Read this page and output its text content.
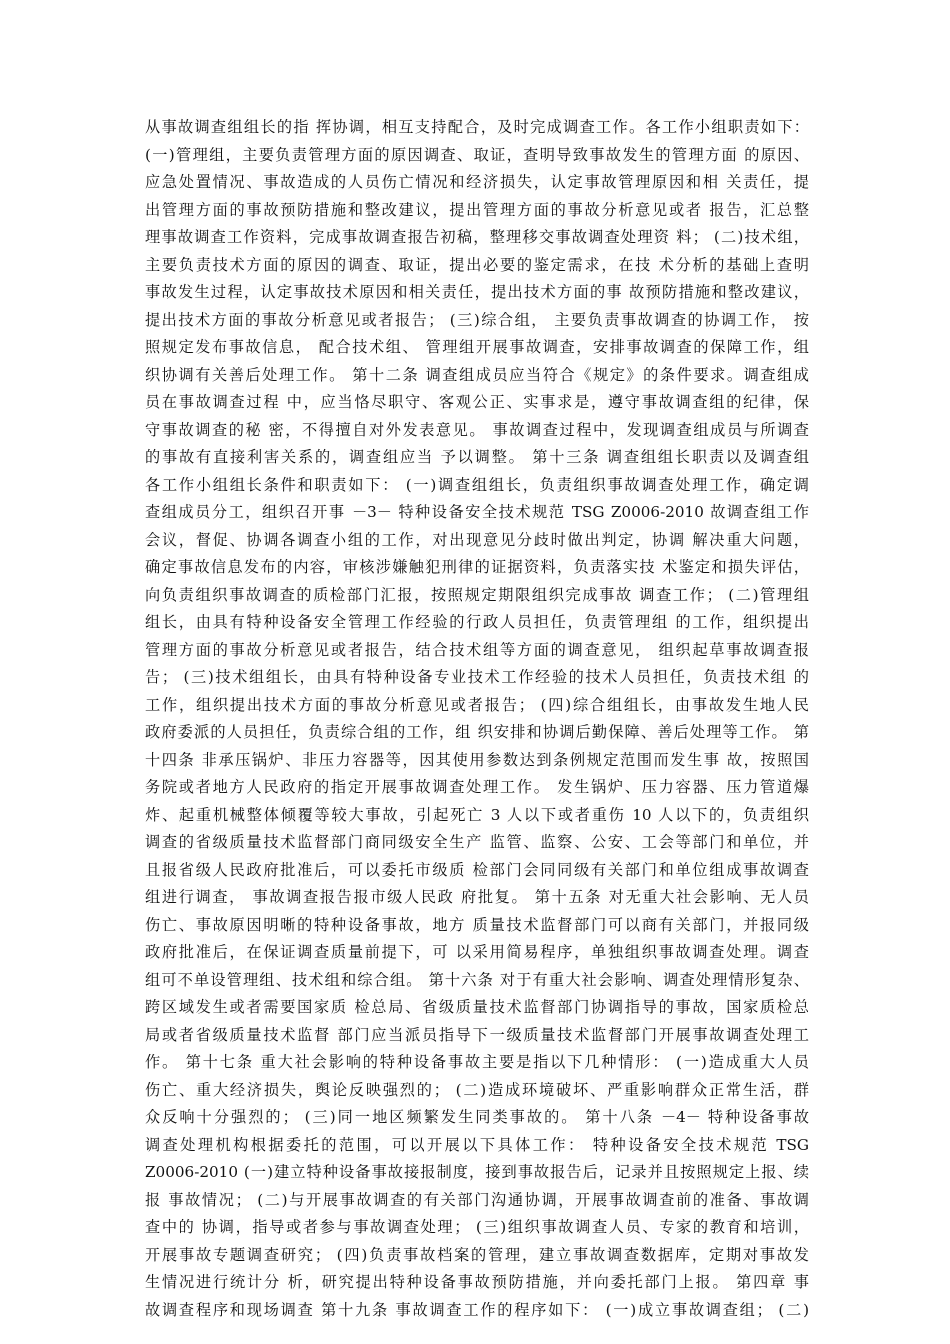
从事故调查组组长的指 挥协调，相互支持配合，及时完成调查工作。各工作小组职责如下：
(一)管理组，主要负责管理方面的原因调查、取证，查明导致事故发生的管理方面 的原因、
应急处置情况、事故造成的人员伤亡情况和经济损失，认定事故管理原因和相 关责任，提
出管理方面的事故预防措施和整改建议，提出管理方面的事故分析意见或者 报告，汇总整
理事故调查工作资料，完成事故调查报告初稿，整理移交事故调查处理资 料； (二)技术组，
主要负责技术方面的原因的调查、取证，提出必要的鉴定需求，在技 术分析的基础上查明
事故发生过程，认定事故技术原因和相关责任，提出技术方面的事 故预防措施和整改建议，
提出技术方面的事故分析意见或者报告； (三)综合组， 主要负责事故调查的协调工作， 按
照规定发布事故信息， 配合技术组、 管理组开展事故调查，安排事故调查的保障工作，组
织协调有关善后处理工作。 第十二条 调查组成员应当符合《规定》的条件要求。调查组成
员在事故调查过程 中，应当恪尽职守、客观公正、实事求是，遵守事故调查组的纪律，保
守事故调查的秘 密，不得擅自对外发表意见。 事故调查过程中，发现调查组成员与所调查
的事故有直接利害关系的，调查组应当 予以调整。 第十三条 调查组组长职责以及调查组
各工作小组组长条件和职责如下： (一)调查组组长，负责组织事故调查处理工作，确定调
查组成员分工，组织召开事 －3－ 特种设备安全技术规范 TSG Z0006-2010 故调查组工作
会议，督促、协调各调查小组的工作，对出现意见分歧时做出判定，协调 解决重大问题，
确定事故信息发布的内容，审核涉嫌触犯刑律的证据资料，负责落实技 术鉴定和损失评估，
向负责组织事故调查的质检部门汇报，按照规定期限组织完成事故 调查工作； (二)管理组
组长，由具有特种设备安全管理工作经验的行政人员担任，负责管理组 的工作，组织提出
管理方面的事故分析意见或者报告，结合技术组等方面的调查意见， 组织起草事故调查报
告； (三)技术组组长，由具有特种设备专业技术工作经验的技术人员担任，负责技术组 的
工作，组织提出技术方面的事故分析意见或者报告； (四)综合组组长，由事故发生地人民
政府委派的人员担任，负责综合组的工作，组 织安排和协调后勤保障、善后处理等工作。 第
十四条 非承压锅炉、非压力容器等，因其使用参数达到条例规定范围而发生事 故，按照国
务院或者地方人民政府的指定开展事故调查处理工作。 发生锅炉、压力容器、压力管道爆
炸、起重机械整体倾覆等较大事故，引起死亡 3 人以下或者重伤 10 人以下的，负责组织
调查的省级质量技术监督部门商同级安全生产 监管、监察、公安、工会等部门和单位，并
且报省级人民政府批准后，可以委托市级质 检部门会同同级有关部门和单位组成事故调查
组进行调查， 事故调查报告报市级人民政 府批复。 第十五条 对无重大社会影响、无人员
伤亡、事故原因明晰的特种设备事故，地方 质量技术监督部门可以商有关部门，并报同级
政府批准后，在保证调查质量前提下，可 以采用简易程序，单独组织事故调查处理。调查
组可不单设管理组、技术组和综合组。 第十六条 对于有重大社会影响、调查处理情形复杂、
跨区域发生或者需要国家质 检总局、省级质量技术监督部门协调指导的事故，国家质检总
局或者省级质量技术监督 部门应当派员指导下一级质量技术监督部门开展事故调查处理工
作。 第十七条 重大社会影响的特种设备事故主要是指以下几种情形： (一)造成重大人员
伤亡、重大经济损失，舆论反映强烈的； (二)造成环境破坏、严重影响群众正常生活，群
众反响十分强烈的； (三)同一地区频繁发生同类事故的。 第十八条 －4－ 特种设备事故
调查处理机构根据委托的范围，可以开展以下具体工作： 特种设备安全技术规范 TSG
Z0006-2010 (一)建立特种设备事故接报制度，接到事故报告后，记录并且按照规定上报、续
报 事故情况； (二)与开展事故调查的有关部门沟通协调，开展事故调查前的准备、事故调
查中的 协调，指导或者参与事故调查处理； (三)组织事故调查人员、专家的教育和培训，
开展事故专题调查研究； (四)负责事故档案的管理，建立事故调查数据库，定期对事故发
生情况进行统计分 析，研究提出特种设备事故预防措施，并向委托部门上报。 第四章 事
故调查程序和现场调查 第十九条 事故调查工作的程序如下： (一)成立事故调查组； (二)
